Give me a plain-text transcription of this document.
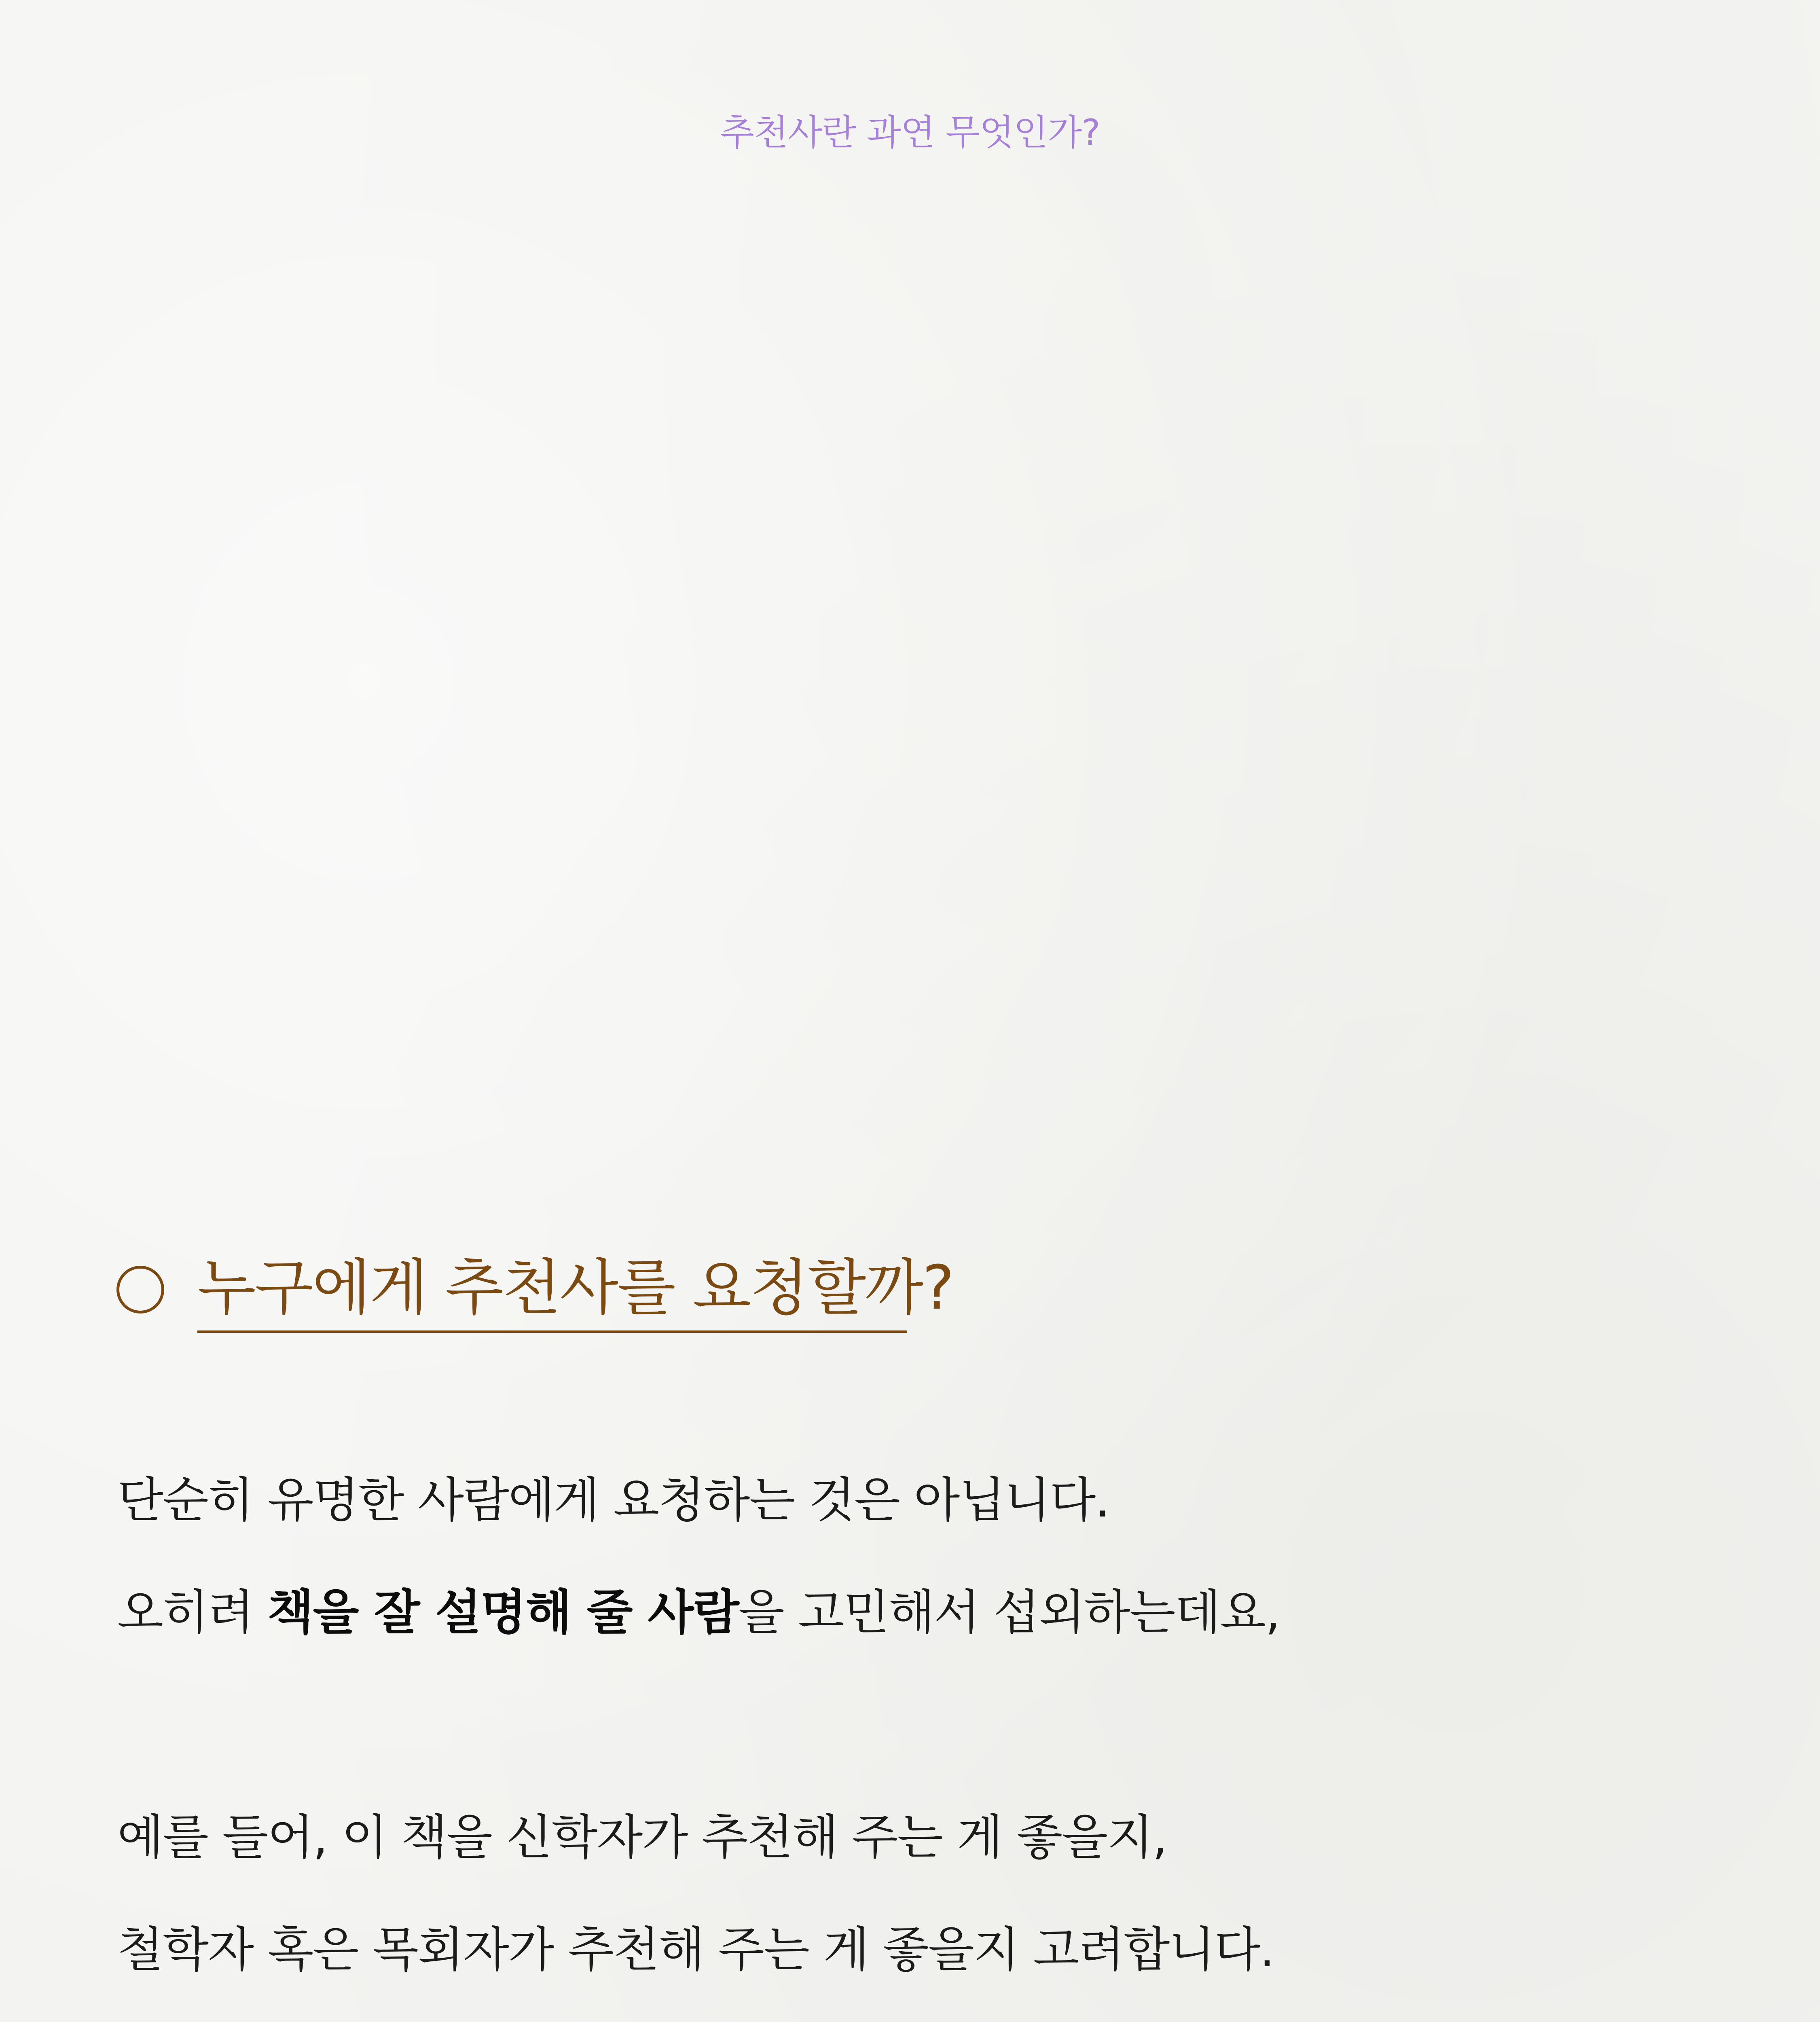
추천사란 과연 무엇인가?
누구에게 추천사를 요청할까?
단순히 유명한 사람에게 요청하는 것은 아닙니다.
오히려 책을 잘 설명해 줄 사람을 고민해서 섭외하는데요,
예를 들어, 이 책을 신학자가 추천해 주는 게 좋을지,
철학자 혹은 목회자가 추천해 주는 게 좋을지 고려합니다.
